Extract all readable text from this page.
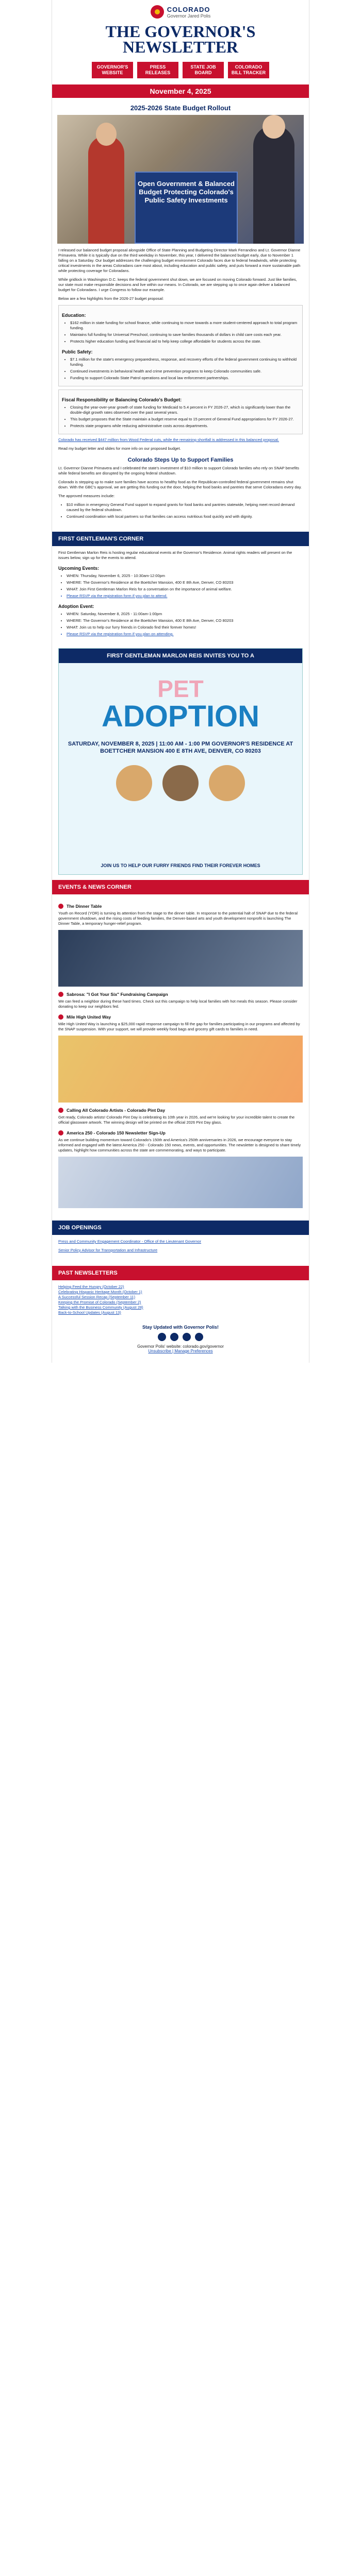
COLORADO
Governor Jared Polis
THE GOVERNOR'S NEWSLETTER
GOVERNOR'S WEBSITE
PRESS RELEASES
STATE JOB BOARD
COLORADO BILL TRACKER
November 4, 2025
2025-2026 State Budget Rollout
Open Government & Balanced Budget Protecting Colorado's Public Safety Investments

I released our balanced budget proposal alongside Office of State Planning and Budgeting Director Mark Ferrandino and Lt. Governor Dianne Primavera. While it is typically due on the third weekday in November, this year, I delivered the balanced budget early, due to November 1 falling on a Saturday. Our budget addresses the challenging budget environment Colorado faces due to federal headwinds, while protecting critical investments in the areas Coloradans care most about, including education and public safety, and puts forward a more sustainable path while protecting coverage for Coloradans.

While gridlock in Washington D.C. keeps the federal government shut down, we are focused on moving Colorado forward. Just like families, our state must make responsible decisions and live within our means. In Colorado, we are stepping up to once again deliver a balanced budget for Coloradans. I urge Congress to follow our example.

Below are a few highlights from the 2026-27 budget proposal:

Education:
• $162 million in state funding for school finance, while continuing to move towards a more student-centered approach to total program funding.
• Maintains full funding for Universal Preschool, continuing to save families thousands of dollars in child care costs each year.
• Protects higher education funding and financial aid to help keep college affordable for students across the state.
Public Safety:
• $7.1 million for the state's emergency preparedness, response, and recovery efforts of the federal government continuing to withhold funding.
• Continued investments in behavioral health and crime prevention programs to keep Colorado communities safe.
• Funding to support Colorado State Patrol operations and local law enforcement partnerships.
Fiscal Responsibility or Balancing Colorado's Budget:
• Closing the year-over-year growth of state funding for Medicaid to 5.4 percent in FY 2026-27, which is significantly lower than the double-digit growth rates observed over the past several years.
• This budget proposes that the State maintain a budget reserve equal to 15 percent of General Fund appropriations for FY 2026-27.
• Protects state programs while reducing administrative costs across departments.

Colorado has received $447 million from Wood Federal cuts, while the remaining shortfall is addressed in this balanced proposal.

Read my budget letter and slides for more info on our proposed budget.

Colorado Steps Up to Support Families

Lt. Governor Dianne Primavera and I celebrated the state's investment of $10 million to support Colorado families who rely on SNAP benefits while federal benefits are disrupted by the ongoing federal shutdown.

Colorado is stepping up to make sure families have access to healthy food as the Republican-controlled federal government remains shut down. With the GBC's approval, we are getting this funding out the door, helping the food banks and pantries that serve Coloradans every day.

The approved measures include:

• $10 million in emergency General Fund support to expand grants for food banks and pantries statewide, helping meet record demand caused by the federal shutdown.
• Continued coordination with local partners so that families can access nutritious food quickly and with dignity.
FIRST GENTLEMAN'S CORNER

First Gentleman Marlon Reis is hosting regular educational events at the Governor's Residence. Animal rights readers will present on the issues below, sign up for the events to attend.

Upcoming Events:
• WHEN: Thursday, November 6, 2025 - 10:30am-12:00pm
• WHERE: The Governor's Residence at the Boettcher Mansion, 400 E 8th Ave, Denver, CO 80203
• WHAT: Join First Gentleman Marlon Reis for a conversation on the importance of animal welfare.
• Please RSVP via the registration form if you plan to attend.
Adoption Event:
• WHEN: Saturday, November 8, 2025 - 11:00am-1:00pm
• WHERE: The Governor's Residence at the Boettcher Mansion, 400 E 8th Ave, Denver, CO 80203
• WHAT: Join us to help our furry friends in Colorado find their forever homes!
• Please RSVP via the registration form if you plan on attending.
FIRST GENTLEMAN MARLON REIS INVITES YOU TO A
PET
ADOPTION
SATURDAY, NOVEMBER 8, 2025 | 11:00 AM - 1:00 PM GOVERNOR'S RESIDENCE AT BOETTCHER MANSION 400 E 8TH AVE, DENVER, CO 80203
JOIN US TO HELP OUR FURRY FRIENDS FIND THEIR FOREVER HOMES
EVENTS & NEWS CORNER
The Dinner Table

Youth on Record (YOR) is turning its attention from the stage to the dinner table. In response to the potential halt of SNAP due to the federal government shutdown, and the rising costs of feeding families, the Denver-based arts and youth development nonprofit is launching The Dinner Table, a temporary hunger-relief program.

Sabrosa: "I Got Your Six" Fundraising Campaign

We can feed a neighbor during these hard times. Check out this campaign to help local families with hot meals this season. Please consider donating to keep our neighbors fed.

Mile High United Way

Mile High United Way is launching a $25,000 rapid response campaign to fill the gap for families participating in our programs and affected by the SNAP suspension. With your support, we will provide weekly food bags and grocery gift cards to families in need.

Calling All Colorado Artists - Colorado Pint Day

Get ready, Colorado artists! Colorado Pint Day is celebrating its 10th year in 2026, and we're looking for your incredible talent to create the official glassware artwork. The winning design will be printed on the official 2026 Pint Day glass.

America 250 - Colorado 150 Newsletter Sign-Up

As we continue building momentum toward Colorado's 150th and America's 250th anniversaries in 2026, we encourage everyone to stay informed and engaged with the latest America 250 - Colorado 150 news, events, and opportunities. The newsletter is designed to share timely updates, highlight how communities across the state are commemorating, and ways to participate.

JOB OPENINGS

Press and Community Engagement Coordinator - Office of the Lieutenant Governor

Senior Policy Advisor for Transportation and Infrastructure

PAST NEWSLETTERS
Helping Feed the Hungry (October 22)
Celebrating Hispanic Heritage Month (October 1)
A Successful Session Recap (September 11)
Keeping the Promise of Colorado (September 2)
Talking with the Business Community (August 28)
Back-to-School Updates (August 13)
Stay Updated with Governor Polis!
Governor Polis' website: colorado.gov/governor
Unsubscribe | Manage Preferences
